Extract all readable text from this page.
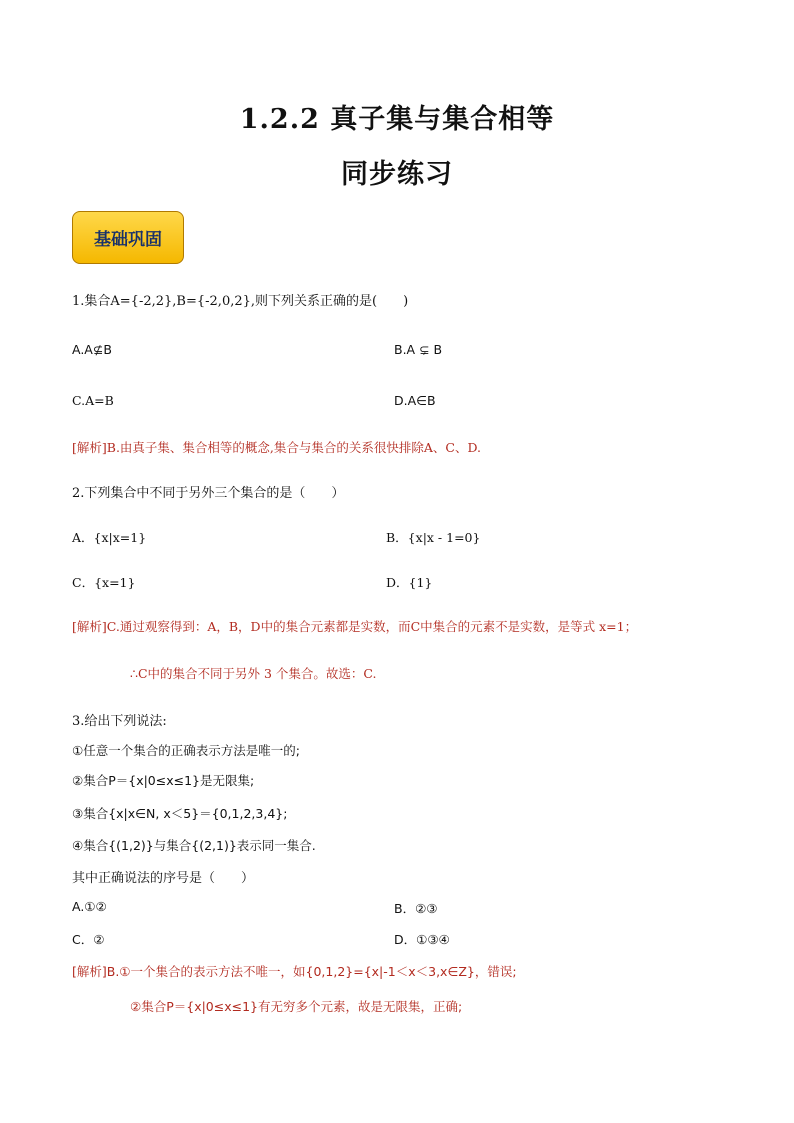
1.2.2 真子集与集合相等
同步练习
基础巩固
1.集合A={-2,2},B={-2,0,2},则下列关系正确的是(　　)
A.A⊈B	B.A ⊊ B
C.A=B	D.A∈B
[解析]B.由真子集、集合相等的概念,集合与集合的关系很快排除A、C、D.
2.下列集合中不同于另外三个集合的是（　　）
A．{x|x=1}	B．{x|x - 1=0}
C．{x=1}	D．{1}
[解析]C.通过观察得到：A，B，D中的集合元素都是实数，而C中集合的元素不是实数，是等式 x=1；
∴C中的集合不同于另外 3 个集合。故选：C.
3.给出下列说法:
①任意一个集合的正确表示方法是唯一的;
②集合P＝{x|0≤x≤1}是无限集;
③集合{x|x∈N, x＜5}＝{0,1,2,3,4};
④集合{(1,2)}与集合{(2,1)}表示同一集合.
其中正确说法的序号是（　　）
A.①②	B．②③
C．②	D．①③④
[解析]B.①一个集合的表示方法不唯一，如{0,1,2}={x|-1＜x＜3,x∈Z}，错误;
②集合P＝{x|0≤x≤1}有无穷多个元素，故是无限集，正确;
